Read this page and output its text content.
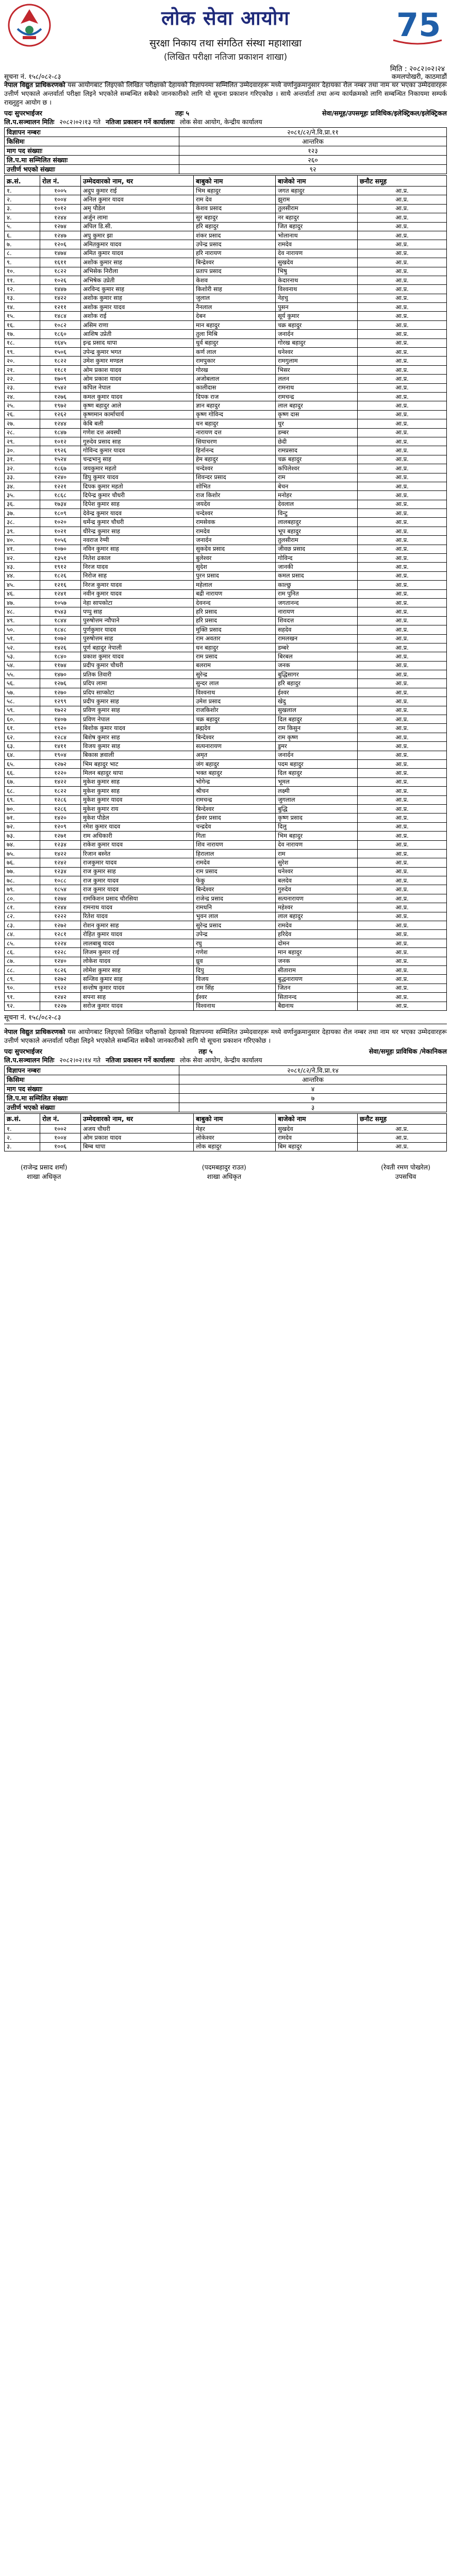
लोक सेवा आयोग	75
सुरक्षा निकाय तथा संगठित संस्था महाशाखा
(लिखित परीक्षा नतिजा प्रकाशन शाखा)
मिति : २०८२।०२।२४
सूचना नं. १५८/०८२-८३	कमलपोखरी, काठमाडौं

नेपाल विद्युत प्राधिकरणको यस आयोगबाट लिइएको लिखित परीक्षाको देहायको विज्ञापनमा सम्मिलित उम्मेदवारहरू मध्ये वर्णानुक्रमानुसार देहायका रोल नम्बर तथा नाम थर भएका उम्मेदवारहरू उत्तीर्ण भएकाले अन्तर्वार्ता परीक्षा लिइने भएकोले सम्बन्धित सबैको जानकारीको लागि यो सूचना प्रकाशन गरिएकोछ । साथै अन्तर्वार्ता तथा अन्य कार्यक्रमको लागि सम्बन्धित निकायमा सम्पर्क राख्नुहुन आयोग छ ।

पदः सुपरभाईजर	तहः ५	सेवा/समूह/उपसमूहः प्राविधिक/इलेक्ट्रिकल/इलेक्ट्रिकल
लि.प.सञ्चालन मितिः २०८२।०२।१३ गते नतिजा प्रकाशन गर्ने कार्यालयः लोक सेवा आयोग, केन्द्रीय कार्यालय
विज्ञापन नम्बरः	२०८१/८२/ने.वि.प्रा.११
किसिमः	आन्तरिक
माग पद संख्याः	१२३
लि.प.मा सम्मिलित संख्याः	२६०
उत्तीर्ण भएको संख्याः	९२
क्र.सं.	रोल नं.	उम्मेदवारको नाम, थर	बाबुको नाम	बाजेको नाम	छनौट समूह
१.	१००५	अदुप कुमार राई	भिम बहादुर	जगत बहादुर	आ.प्र.
२.	१००४	अनिल कुमार यादव	राम देव	झुराम	आ.प्र.
३.	१०१२	अमृ पौडेल	केशव प्रसाद	तुलसीराम	आ.प्र.
४.	१२४४	अर्जुन लामा	सुर बहादुर	नर बहादुर	आ.प्र.
५.	१२७४	अपिल डि.सी.	हरि बहादुर	जित बहादुर	आ.प्र.
६.	१२४७	अपु कुमार झा	शंकर प्रसाद	भोलानाथ	आ.प्र.
७.	१२०६	अमितकुमार यादव	उपेन्द्र प्रसाद	रामदेव	आ.प्र.
८.	१४७४	अमित कुमार यादव	हरि नारायण	देव नारायण	आ.प्र.
९.	१६११	अशोक कुमार साह	बिन्द्रेश्वर	सुखदेव	आ.प्र.
१०.	१८२२	अभिसेक निरौला	प्रताप प्रसाद	भिषु	आ.प्र.
११.	१०२६	अभिषेक उप्रेती	केशव	केदारनाथ	आ.प्र.
१२.	१४४७	अरविन्द कुमार साह	किशोरी साह	विश्वनाथ	आ.प्र.
१३.	१४२२	अशोक कुमार साह	जुलाल	नेहचु	आ.प्र.
१४.	१२११	अशोक कुमार यादव	नैनलाल	पुसन	आ.प्र.
१५.	१४८४	अशोक राई	देबन	सूर्य कुमार	आ.प्र.
१६.	१०८२	असिम राणा	मान बहादुर	चक्र बहादुर	आ.प्र.
१७.	१८६०	आशिष उप्रेती	तुला मिश्रि	जनार्दन	आ.प्र.
१८.	१६४५	इन्द्र प्रसाद थापा	धुर्व बहादुर	गोरख बहादुर	आ.प्र.
१९.	१५०६	उपेन्द्र कुमार भगत	कर्ण लाल	धनेश्वर	आ.प्र.
२०.	१८२२	उमेश कुमार मण्डल	रामपुकार	रामगुलाम	आ.प्र.
२१.	११८१	ओम प्रकाश यादव	गोरख	भिसर	आ.प्र.
२२.	१७०९	ओम प्रकाश यादव	अजोबलाल	ललन	आ.प्र.
२३.	१५४२	कपिल नेपाल	कालीदास	रामनाथ	आ.प्र.
२४.	१२७६	कमल कुमार यादव	दिपक राज	रामचन्द्र	आ.प्र.
२५.	१९७२	कृष्ण बहादुर आले	ज्ञान बहादुर	लाल बहादुर	आ.प्र.
२६.	१२६२	कृष्णमान कार्माचार्य	कृष्ण गोविन्द	कृष्ण दास	आ.प्र.
२७.	१२४४	केबि बली	धन बहादुर	धुर	आ.प्र.
२८.	१८४७	गणेश दत्त अवस्थी	नारायण दत्त	डम्बर	आ.प्र.
२९.	१०१२	गुरुदेव प्रसाद साह	सियाचरण	छेदी	आ.प्र.
३०.	१९२६	गोविन्द कुमार यादव	हिर्नानन्द	रामप्रसाद	आ.प्र.
३१.	१५२४	चन्द्रभानु साह	हेम बहादुर	चक्र बहादुर	आ.प्र.
३२.	१८६७	जयकुमार महतो	चन्देश्वर	कपिलेश्वर	आ.प्र.
३३.	१२४०	डिपु कुमार यादव	शिवन्दर प्रसाद	राम	आ.प्र.
३४.	१२२१	दिपक कुमार महतो	शोभित	बेचन	आ.प्र.
३५.	१८६८	दिपेन्द्र कुमार चौधरी	राज किशोर	मनोहर	आ.प्र.
३६.	१७३४	दिपेश कुमार साह	जयदेव	देवलाल	आ.प्र.
३७.	१८०९	देवेन्द्र कुमार यादव	चन्देश्वर	विन्टु	आ.प्र.
३८.	१०२०	धर्मेन्द्र कुमार चौधरी	रामसेवक	लालबहादुर	आ.प्र.
३९.	१०२१	धीरेन्द्र कुमार साह	रामदेव	भूप बहादुर	आ.प्र.
४०.	१०५६	नवराज रेग्मी	जनार्दन	तुलसीराम	आ.प्र.
४१.	१०७०	नविन कुमार साह	सुकदेव प्रसाद	जीवछ प्रसाद	आ.प्र.
४२.	१३५१	नितेश ढकाल	बुलेश्वर	गोविन्द	आ.प्र.
४३.	१९१२	निरज यादव	सुदेश	जानकी	आ.प्र.
४४.	१८२६	निरोज साह	पुरन प्रसाद	कमल प्रसाद	आ.प्र.
४५.	१२१६	निरज कुमार यादव	महेलाल	काल्छु	आ.प्र.
४६.	१२४१	नवीन कुमार यादव	बद्री नारायण	राम पुनित	आ.प्र.
४७.	१०५७	नेहा सापकोटा	देवनन्द	जगतानन्द	आ.प्र.
४८.	१५४३	पप्पु साह	हरि प्रसाद	नारायण	आ.प्र.
४९.	१८४४	पुरुषोत्तम न्यौपाने	हरि प्रसाद	शिवदत्त	आ.प्र.
५०.	१८४८	पुर्णकुमार यादव	मुक्ति प्रसाद	सहदेव	आ.प्र.
५१.	१०७२	पुरुषोत्तम साह	राम अवतार	रामलखन	आ.प्र.
५२.	१४२६	पूर्ण बहादुर नेपाली	धन बहादुर	डम्बरे	आ.प्र.
५३.	१८४०	प्रकाश कुमार यादव	राम प्रसाद	बिरबल	आ.प्र.
५४.	११७४	प्रदीप कुमार चौधरी	बलराम	जनक	आ.प्र.
५५.	१४७०	प्रतिक तिवारी	सुरेन्द्र	बुद्धिसागर	आ.प्र.
५६.	१२७६	प्रदिप लामा	सुन्दर लाल	हरि बहादुर	आ.प्र.
५७.	१२७०	प्रदिप साप्कोटा	विश्वनाथ	ईश्वर	आ.प्र.
५८.	१२९९	प्रदीप कुमार साह	उमेश प्रसाद	खेदु	आ.प्र.
५९.	१७२२	प्रविण कुमार साह	राजकिशोर	सुखलाल	आ.प्र.
६०.	१४०७	प्रविण नेपाल	चक्र बहादुर	दिल बहादुर	आ.प्र.
६१.	१९२०	बिशोक कुमार यादव	ब्रह्मदेव	राम किसुन	आ.प्र.
६२.	१२८४	बिशेष कुमार साह	बिन्देश्वर	राम कृष्ण	आ.प्र.
६३.	१४११	विजय कुमार साह	सत्यनारायण	डुमर	आ.प्र.
६४.	१९०४	बिकास ज्ञवाली	अमृत	जनार्दन	आ.प्र.
६५.	१२७२	भिम बहादुर भाट	जंग बहादुर	पदम बहादुर	आ.प्र.
६६.	१२२०	मिलन बहादुर थापा	भक्त बहादुर	दिल बहादुर	आ.प्र.
६७.	१४२२	मुकेश कुमार साह	भोगेन्द्र	भूमल	आ.प्र.
६८.	१८२२	मुकेश कुमार साह	श्रीचन	लक्ष्मी	आ.प्र.
६९.	१२८६	मुकेश कुमार यादव	रामचन्द्र	जुगलाल	आ.प्र.
७०.	१२८६	मुकेश कुमार राय	बिन्देश्वर	बुद्धि	आ.प्र.
७१.	१४२०	मुकेश पौडेल	ईश्वर प्रसाद	कृष्ण प्रसाद	आ.प्र.
७२.	१२०९	रमेश कुमार यादव	चन्द्रदेव	दिलु	आ.प्र.
७३.	१२७१	राम अधिकारी	गिता	भिम बहादुर	आ.प्र.
७४.	१२३४	राकेश कुमार यादव	शिव नारायण	देव नारायण	आ.प्र.
७५.	१४२२	रिजान बस्नेत	हिरालाल	राम	आ.प्र.
७६.	१२४२	राजकुमार यादव	रामदेव	सुरेश	आ.प्र.
७७.	१२३४	राज कुमार साह	राम प्रसाद	धनेश्वर	आ.प्र.
७८.	१०८८	राज कुमार यादव	फेकु	बलदेव	आ.प्र.
७९.	१८५४	राज कुमार यादव	बिन्देश्वर	गुरुदेव	आ.प्र.
८०.	१२७४	रामकिशन प्रसाद चौरसिया	राजेन्द्र प्रसाद	सत्यनारायण	आ.प्र.
८१.	१२४४	रामनाथ यादव	रामधनि	महेश्वर	आ.प्र.
८२.	१२२२	रितेश यादव	भुवन लाल	लाल बहादुर	आ.प्र.
८३.	१२७२	रोशन कुमार साह	सुरेन्द्र प्रसाद	रामदेव	आ.प्र.
८४.	१२८१	रोहित कुमार यादव	उपेन्द्र	हरिदेव	आ.प्र.
८५.	१२२४	लालबाबु यादव	रघु	दोमन	आ.प्र.
८६.	१२२८	लिजम कुमार राई	गणेश	मान बहादुर	आ.प्र.
८७.	१२४०	लोकेश यादव	ध्रुव	जनक	आ.प्र.
८८.	१८२६	लोमेश कुमार साह	दिपु	सीताराम	आ.प्र.
८९.	१२७२	सन्जिव कुमार साह	विजय	बुद्धनारायण	आ.प्र.
९०.	१९२२	सन्तोष कुमार यादव	राम सिंह	जितन	आ.प्र.
९१.	१२४२	सपना साह	ईश्वर	सितानन्द	आ.प्र.
९२.	१२२७	सरोज कुमार यादव	विश्वनाथ	बैद्यनाथ	आ.प्र.
सूचना नं. १५८/०८२-८३

नेपाल विद्युत प्राधिकरणको यस आयोगबाट लिइएको लिखित परीक्षाको देहायको विज्ञापनमा सम्मिलित उम्मेदवारहरू मध्ये वर्णानुक्रमानुसार देहायका रोल नम्बर तथा नाम थर भएका उम्मेदवारहरू उत्तीर्ण भएकाले अन्तर्वार्ता परीक्षा लिइने भएकोले सम्बन्धित सबैको जानकारीको लागि यो सूचना प्रकाशन गरिएकोछ ।

पदः सुपरभाईजर	तहः ५	सेवा/समूहः प्राविधिक /मेकानिकल
लि.प.सञ्चालन मितिः २०८२।०२।१४ गते नतिजा प्रकाशन गर्ने कार्यालयः लोक सेवा आयोग, केन्द्रीय कार्यालय
विज्ञापन नम्बरः	२०८१/८२/ने.वि.प्रा.१४
किसिमः	आन्तरिक
माग पद संख्याः	४
लि.प.मा सम्मिलित संख्याः	७
उत्तीर्ण भएको संख्याः	३
क्र.सं.	रोल नं.	उम्मेदवारको नाम, थर	बाबुको नाम	बाजेको नाम	छनौट समूह
१.	१००२	अजय चौधरी	मेहर	सुखदेव	आ.प्र.
२.	१००४	ओम प्रकाश यादव	लोकेश्वर	रामदेव	आ.प्र.
३.	१००६	बिम्ब थापा	लोक बहादुर	बिम बहादुर	आ.प्र.
(राजेन्द्र प्रसाद शर्मा)
शाखा अधिकृत
(पदमबहादुर राउत)
शाखा अधिकृत
(रेवती रमण पोखरेल)
उपसचिव
